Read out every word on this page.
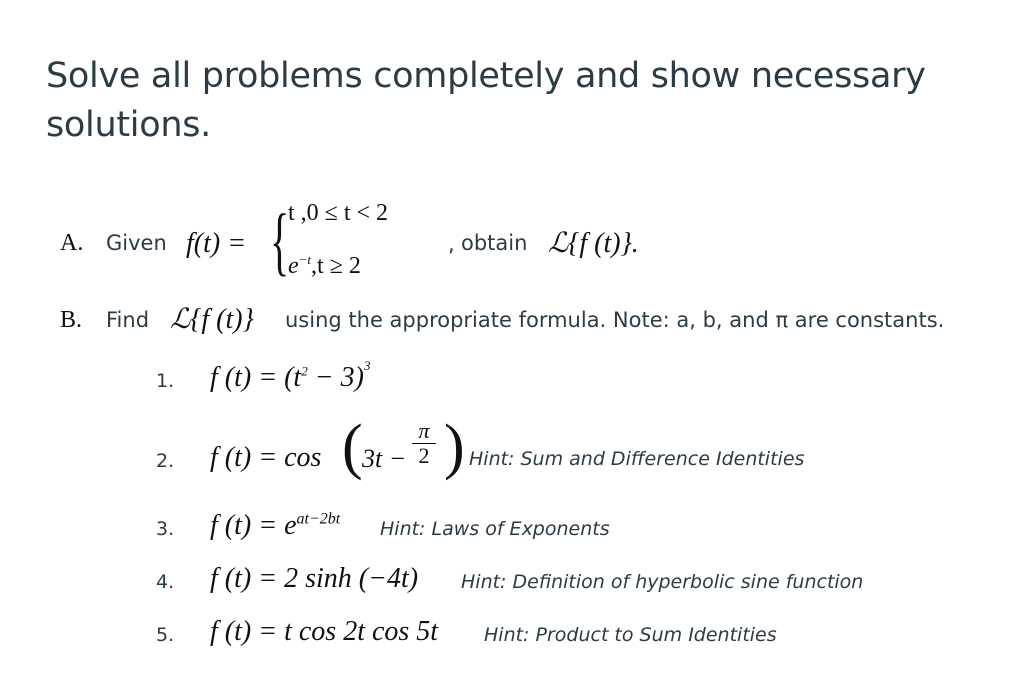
Solve all problems completely and show necessary
solutions.
A. Given f(t) = {
t ,0 ≤ t < 2
$e^{-t},t \ge 2$
, obtain ℒ{f (t)}.
B. Find ℒ{f (t)} using the appropriate formula. Note: a, b, and π are constants.
1. f $(t) = (t^2 - 3)^3$
2. f (t) = cos ( $3t - \frac{\pi}{2}$ ) Hint: Sum and Difference Identities
3. f $(t) = e^{at-2bt}$ Hint: Laws of Exponents
4. f (t) = 2 sinh (−4t) Hint: Definition of hyperbolic sine function
5. f (t) = t cos 2t cos 5t Hint: Product to Sum Identities
